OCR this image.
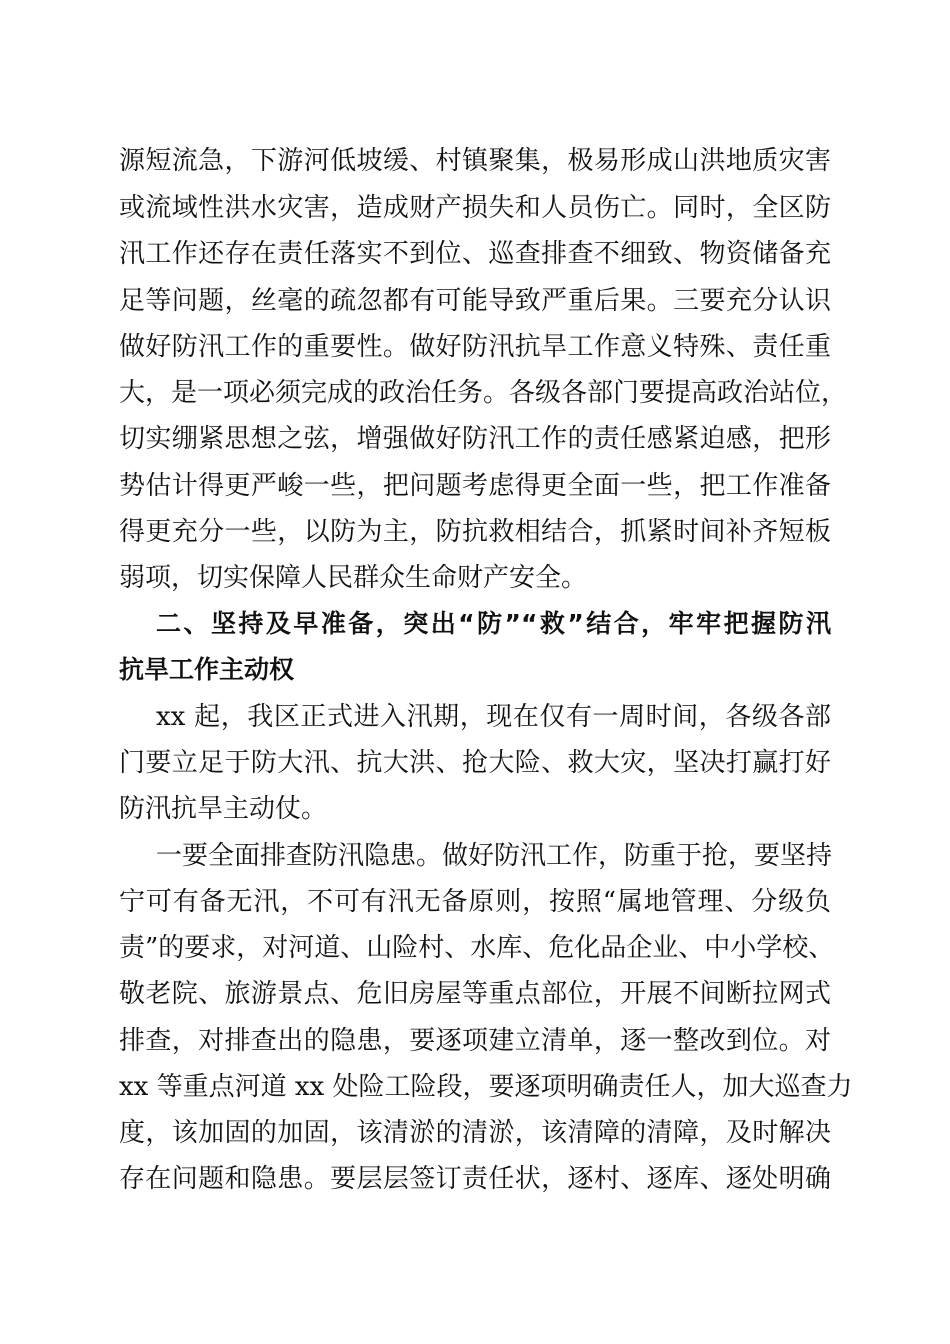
源短流急，下游河低坡缓、村镇聚集，极易形成山洪地质灾害
或流域性洪水灾害，造成财产损失和人员伤亡。同时，全区防
汛工作还存在责任落实不到位、巡查排查不细致、物资储备充
足等问题，丝毫的疏忽都有可能导致严重后果。三要充分认识
做好防汛工作的重要性。做好防汛抗旱工作意义特殊、责任重
大，是一项必须完成的政治任务。各级各部门要提高政治站位，
切实绷紧思想之弦，增强做好防汛工作的责任感紧迫感，把形
势估计得更严峻一些，把问题考虑得更全面一些，把工作准备
得更充分一些，以防为主，防抗救相结合，抓紧时间补齐短板
弱项，切实保障人民群众生命财产安全。
二、坚持及早准备，突出“防”“救”结合，牢牢把握防汛
抗旱工作主动权
xx 起，我区正式进入汛期，现在仅有一周时间，各级各部
门要立足于防大汛、抗大洪、抢大险、救大灾，坚决打赢打好
防汛抗旱主动仗。
一要全面排查防汛隐患。做好防汛工作，防重于抢，要坚持
宁可有备无汛，不可有汛无备原则，按照“属地管理、分级负
责”的要求，对河道、山险村、水库、危化品企业、中小学校、
敬老院、旅游景点、危旧房屋等重点部位，开展不间断拉网式
排查，对排查出的隐患，要逐项建立清单，逐一整改到位。对
xx 等重点河道 xx 处险工险段，要逐项明确责任人，加大巡查力
度，该加固的加固，该清淤的清淤，该清障的清障，及时解决
存在问题和隐患。要层层签订责任状，逐村、逐库、逐处明确
